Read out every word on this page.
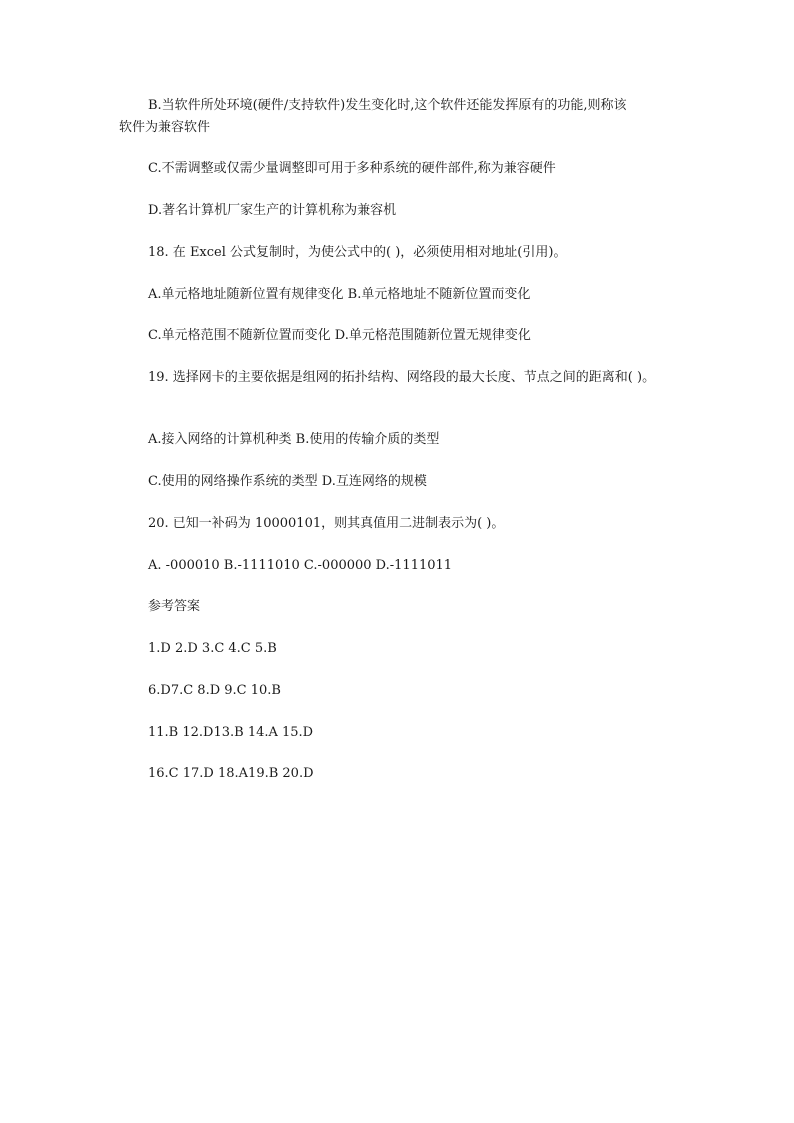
B.当软件所处环境(硬件/支持软件)发生变化时,这个软件还能发挥原有的功能,则称该
软件为兼容软件
C.不需调整或仅需少量调整即可用于多种系统的硬件部件,称为兼容硬件
D.著名计算机厂家生产的计算机称为兼容机
18. 在 Excel 公式复制时，为使公式中的( )，必须使用相对地址(引用)。
A.单元格地址随新位置有规律变化 B.单元格地址不随新位置而变化
C.单元格范围不随新位置而变化 D.单元格范围随新位置无规律变化
19. 选择网卡的主要依据是组网的拓扑结构、网络段的最大长度、节点之间的距离和( )。
A.接入网络的计算机种类 B.使用的传输介质的类型
C.使用的网络操作系统的类型 D.互连网络的规模
20. 已知一补码为 10000101，则其真值用二进制表示为( )。
A. -000010 B.-1111010 C.-000000 D.-1111011
参考答案
1.D 2.D 3.C 4.C 5.B
6.D7.C 8.D 9.C 10.B
11.B 12.D13.B 14.A 15.D
16.C 17.D 18.A19.B 20.D
